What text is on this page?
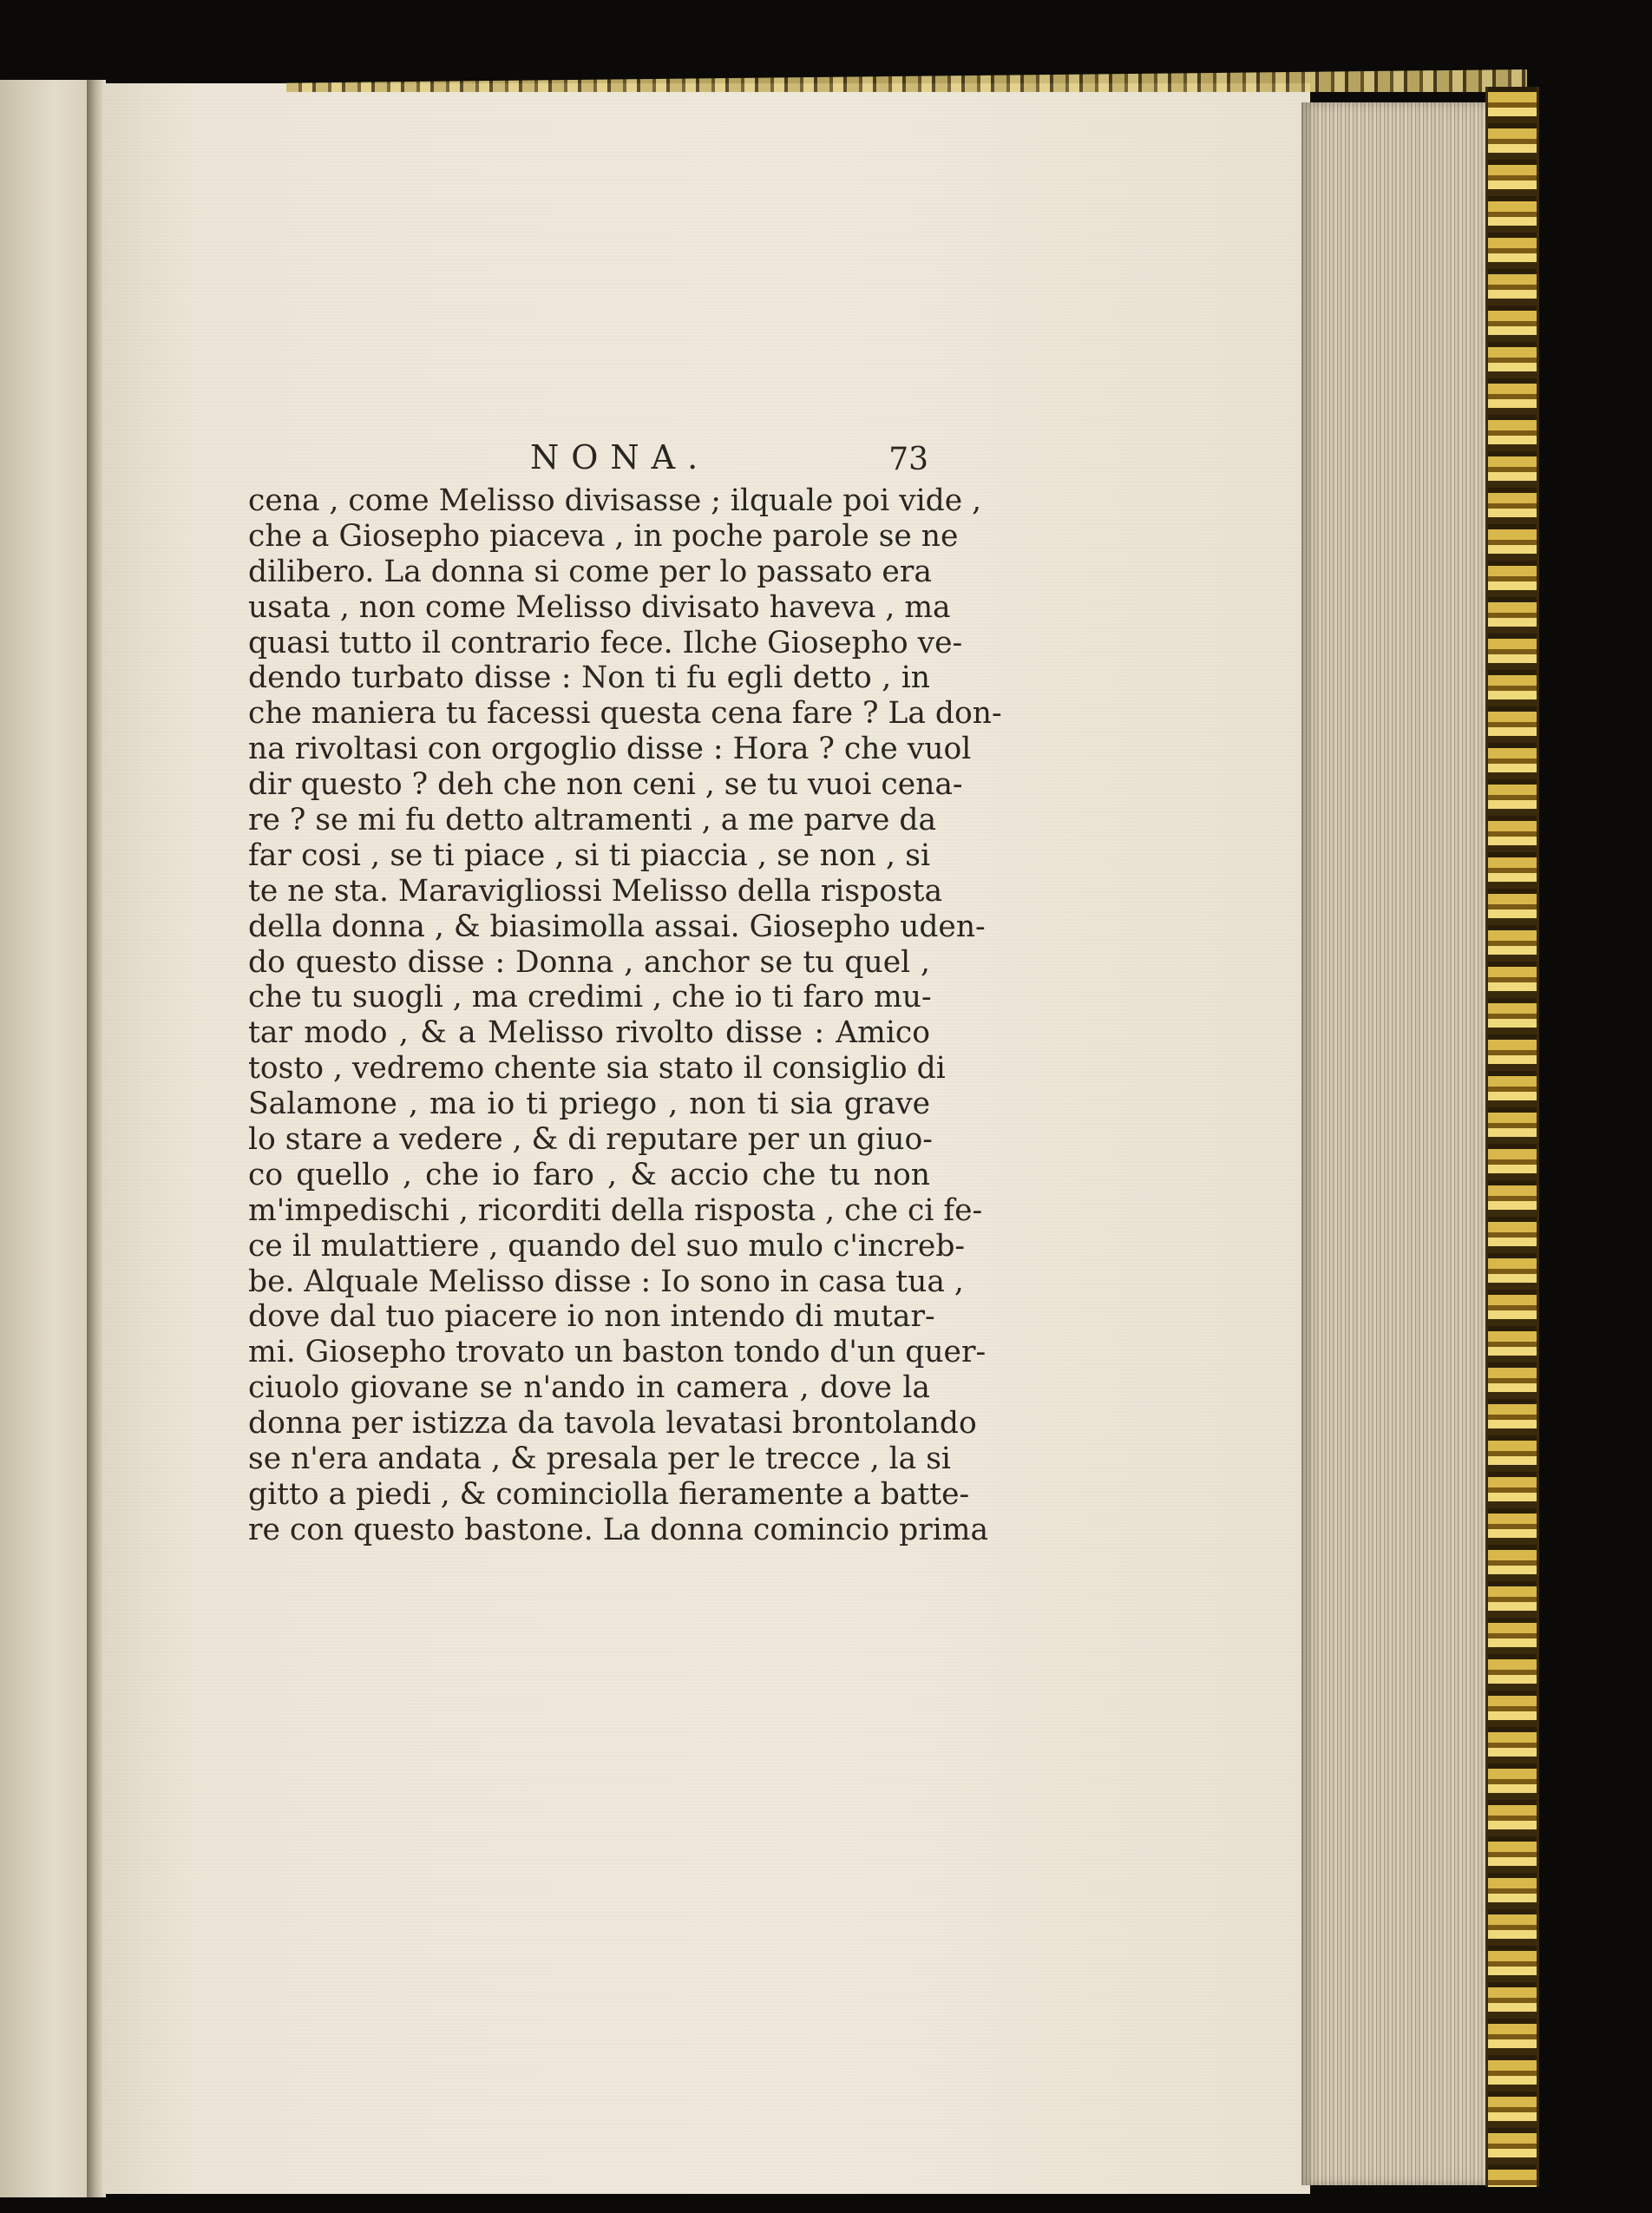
NONA.	73
cena , come Melisso divisasse ; ilquale poi vide ,
che a Giosepho piaceva , in poche parole se ne
dilibero. La donna si come per lo passato era
usata , non come Melisso divisato haveva , ma
quasi tutto il contrario fece. Ilche Giosepho ve-
dendo turbato disse : Non ti fu egli detto , in
che maniera tu facessi questa cena fare ? La don-
na rivoltasi con orgoglio disse : Hora ? che vuol
dir questo ? deh che non ceni , se tu vuoi cena-
re ? se mi fu detto altramenti , a me parve da
far cosi , se ti piace , si ti piaccia , se non , si
te ne sta. Maravigliossi Melisso della risposta
della donna , & biasimolla assai. Giosepho uden-
do questo disse : Donna , anchor se tu quel ,
che tu suogli , ma credimi , che io ti faro mu-
tar modo , & a Melisso rivolto disse : Amico
tosto , vedremo chente sia stato il consiglio di
Salamone , ma io ti priego , non ti sia grave
lo stare a vedere , & di reputare per un giuo-
co quello , che io faro , & accio che tu non
m'impedischi , ricorditi della risposta , che ci fe-
ce il mulattiere , quando del suo mulo c'increb-
be. Alquale Melisso disse : Io sono in casa tua ,
dove dal tuo piacere io non intendo di mutar-
mi. Giosepho trovato un baston tondo d'un quer-
ciuolo giovane se n'ando in camera , dove la
donna per istizza da tavola levatasi brontolando
se n'era andata , & presala per le trecce , la si
gitto a piedi , & cominciolla fieramente a batte-
re con questo bastone. La donna comincio prima
